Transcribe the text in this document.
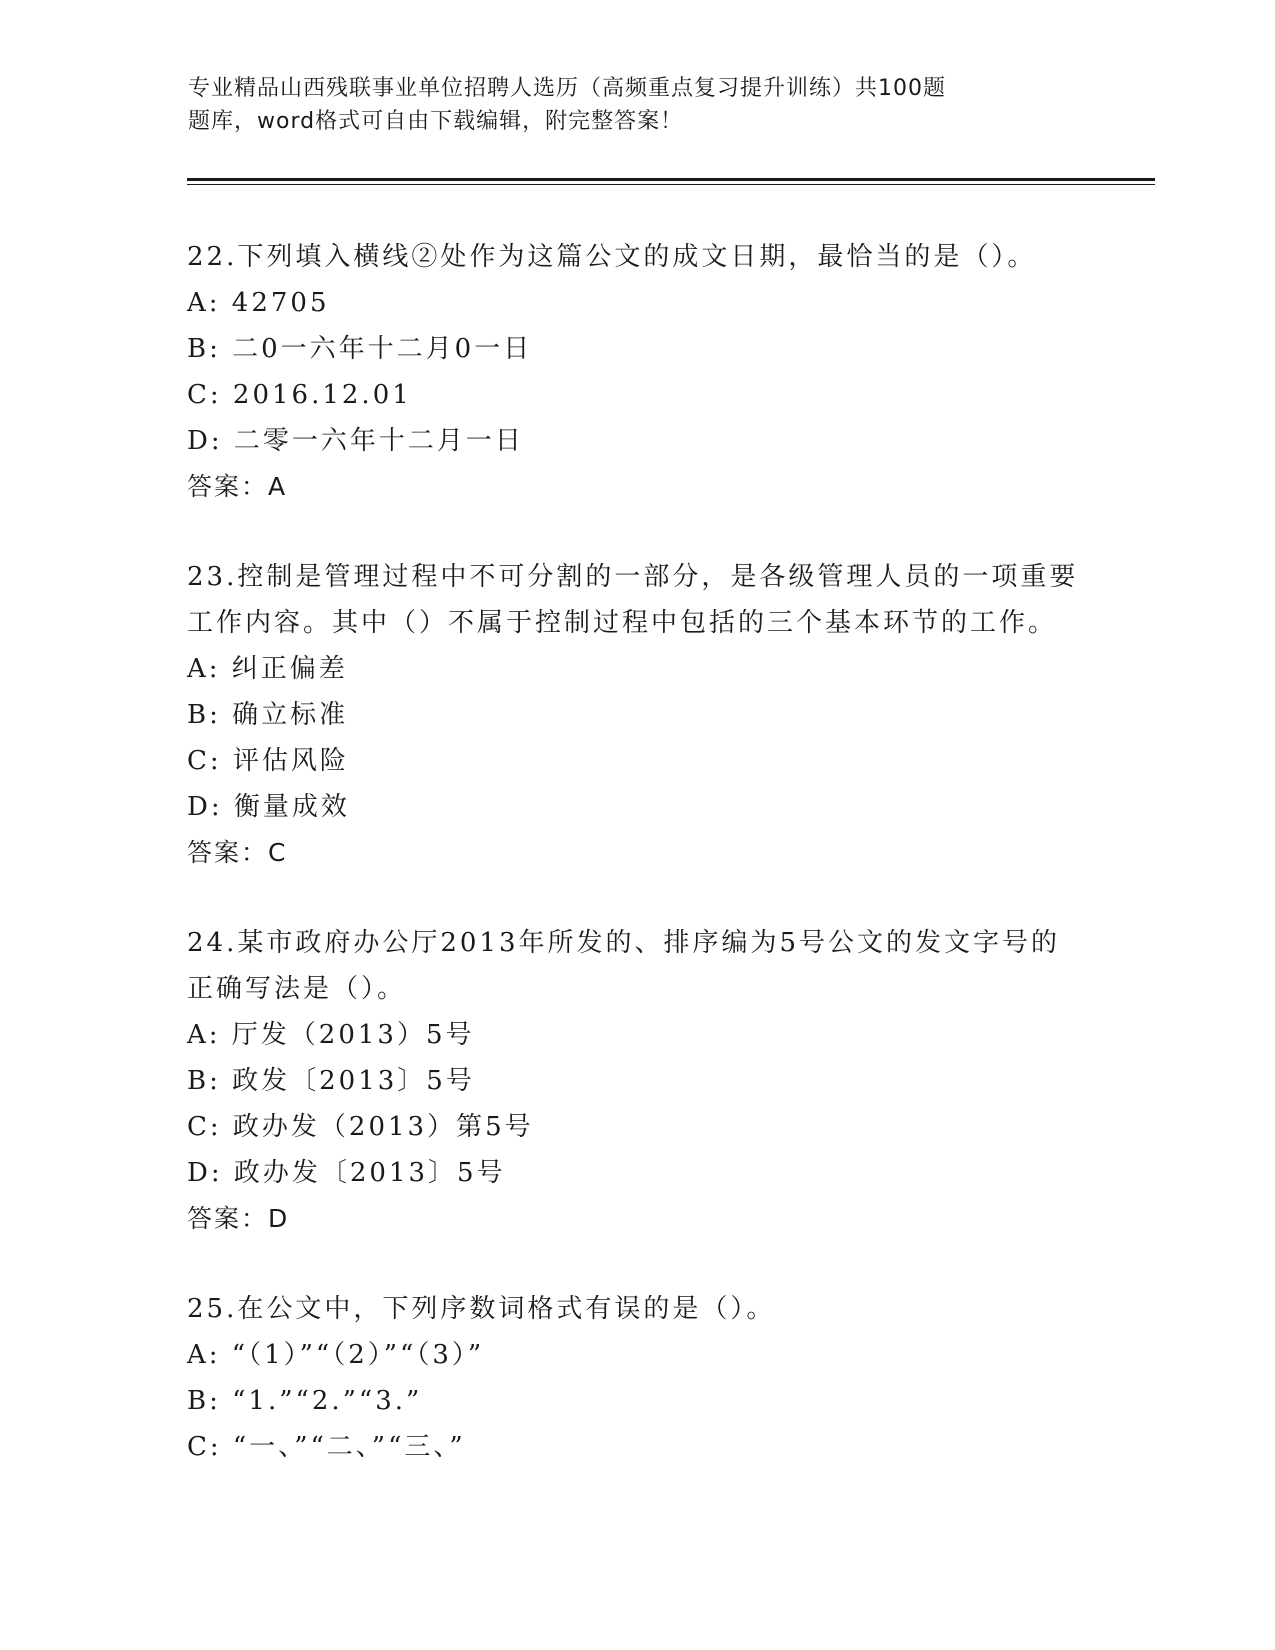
专业精品山西残联事业单位招聘人选历（高频重点复习提升训练）共100题
题库，word格式可自由下载编辑，附完整答案！
22.下列填入横线②处作为这篇公文的成文日期，最恰当的是（）。
A: 42705
B: 二0一六年十二月0一日
C: 2016.12.01
D: 二零一六年十二月一日
答案：A
23.控制是管理过程中不可分割的一部分，是各级管理人员的一项重要
工作内容。其中（）不属于控制过程中包括的三个基本环节的工作。
A: 纠正偏差
B: 确立标准
C: 评估风险
D: 衡量成效
答案：C
24.某市政府办公厅2013年所发的、排序编为5号公文的发文字号的
正确写法是（）。
A: 厅发（2013）5号
B: 政发〔2013〕5号
C: 政办发（2013）第5号
D: 政办发〔2013〕5号
答案：D
25.在公文中，下列序数词格式有误的是（）。
A: “（1）”“（2）”“（3）”
B: “1.”“2.”“3.”
C: “一、”“二、”“三、”
